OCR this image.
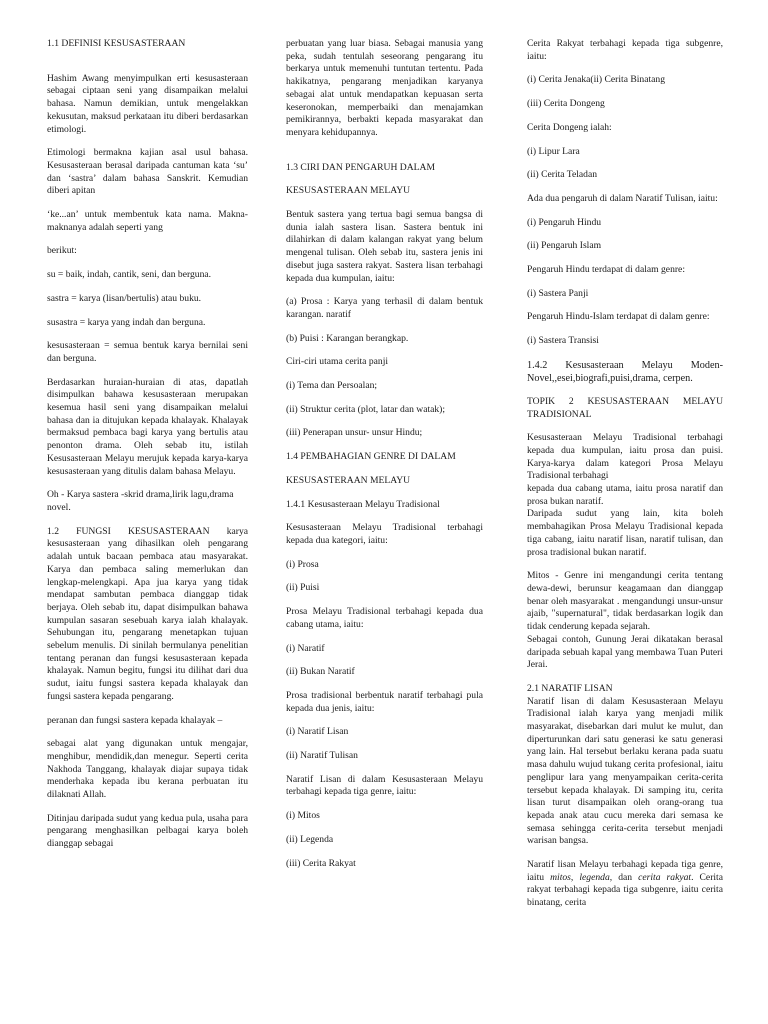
1.1 DEFINISI KESUSASTERAAN

Hashim Awang menyimpulkan erti kesusasteraan sebagai ciptaan seni yang disampaikan melalui bahasa. Namun demikian, untuk mengelakkan kekusutan, maksud perkataan itu diberi berdasarkan etimologi.

Etimologi bermakna kajian asal usul bahasa. Kesusasteraan berasal daripada cantuman kata ‘su’ dan ‘sastra’ dalam bahasa Sanskrit. Kemudian diberi apitan

‘ke...an’ untuk membentuk kata nama. Makna-maknanya adalah seperti yang

berikut:

su = baik, indah, cantik, seni, dan berguna.

sastra = karya (lisan/bertulis) atau buku.

susastra = karya yang indah dan berguna.

kesusasteraan = semua bentuk karya bernilai seni dan berguna.

Berdasarkan huraian-huraian di atas, dapatlah disimpulkan bahawa kesusasteraan merupakan kesemua hasil seni yang disampaikan melalui bahasa dan ia ditujukan kepada khalayak. Khalayak bermaksud pembaca bagi karya yang bertulis atau penonton drama. Oleh sebab itu, istilah Kesusasteraan Melayu merujuk kepada karya-karya kesusasteraan yang ditulis dalam bahasa Melayu.

Oh - Karya sastera -skrid drama,lirik lagu,drama novel.

1.2 FUNGSI KESUSASTERAAN karya kesusasteraan yang dihasilkan oleh pengarang adalah untuk bacaan pembaca atau masyarakat. Karya dan pembaca saling memerlukan dan lengkap-melengkapi. Apa jua karya yang tidak mendapat sambutan pembaca dianggap tidak berjaya. Oleh sebab itu, dapat disimpulkan bahawa kumpulan sasaran sesebuah karya ialah khalayak. Sehubungan itu, pengarang menetapkan tujuan sebelum menulis. Di sinilah bermulanya penelitian tentang peranan dan fungsi kesusasteraan kepada khalayak. Namun begitu, fungsi itu dilihat dari dua sudut, iaitu fungsi sastera kepada khalayak dan fungsi sastera kepada pengarang.

peranan dan fungsi sastera kepada khalayak –

sebagai alat yang digunakan untuk mengajar, menghibur, mendidik,dan menegur. Seperti cerita Nakhoda Tanggang, khalayak diajar supaya tidak menderhaka kepada ibu kerana perbuatan itu dilaknati Allah.

Ditinjau daripada sudut yang kedua pula, usaha para pengarang menghasilkan pelbagai karya boleh dianggap sebagai

perbuatan yang luar biasa. Sebagai manusia yang peka, sudah tentulah seseorang pengarang itu berkarya untuk memenuhi tuntutan tertentu. Pada hakikatnya, pengarang menjadikan karyanya sebagai alat untuk mendapatkan kepuasan serta keseronokan, memperbaiki dan menajamkan pemikirannya, berbakti kepada masyarakat dan menyara kehidupannya.

1.3 CIRI DAN PENGARUH DALAM

KESUSASTERAAN MELAYU

Bentuk sastera yang tertua bagi semua bangsa di dunia ialah sastera lisan. Sastera bentuk ini dilahirkan di dalam kalangan rakyat yang belum mengenal tulisan. Oleh sebab itu, sastera jenis ini disebut juga sastera rakyat. Sastera lisan terbahagi kepada dua kumpulan, iaitu:

(a) Prosa : Karya yang terhasil di dalam bentuk karangan. naratif

(b) Puisi : Karangan berangkap.

Ciri-ciri utama cerita panji

(i) Tema dan Persoalan;

(ii) Struktur cerita (plot, latar dan watak);

(iii) Penerapan unsur- unsur Hindu;

1.4 PEMBAHAGIAN GENRE DI DALAM

KESUSASTERAAN MELAYU

1.4.1 Kesusasteraan Melayu Tradisional

Kesusasteraan Melayu Tradisional terbahagi kepada dua kategori, iaitu:

(i) Prosa

(ii) Puisi

Prosa Melayu Tradisional terbahagi kepada dua cabang utama, iaitu:

(i) Naratif

(ii) Bukan Naratif

Prosa tradisional berbentuk naratif terbahagi pula kepada dua jenis, iaitu:

(i) Naratif Lisan

(ii) Naratif Tulisan

Naratif Lisan di dalam Kesusasteraan Melayu terbahagi kepada tiga genre, iaitu:

(i) Mitos

(ii) Legenda

(iii) Cerita Rakyat

Cerita Rakyat terbahagi kepada tiga subgenre, iaitu:

(i) Cerita Jenaka(ii) Cerita Binatang

(iii) Cerita Dongeng

Cerita Dongeng ialah:

(i) Lipur Lara

(ii) Cerita Teladan

Ada dua pengaruh di dalam Naratif Tulisan, iaitu:

(i) Pengaruh Hindu

(ii) Pengaruh Islam

Pengaruh Hindu terdapat di dalam genre:

(i) Sastera Panji

Pengaruh Hindu-Islam terdapat di dalam genre:

(i) Sastera Transisi

1.4.2 Kesusasteraan Melayu Moden-Novel,,esei,biografi,puisi,drama, cerpen.

TOPIK 2 KESUSASTERAAN MELAYU TRADISIONAL

Kesusasteraan Melayu Tradisional terbahagi kepada dua kumpulan, iaitu prosa dan puisi. Karya-karya dalam kategori Prosa Melayu Tradisional terbahagi

kepada dua cabang utama, iaitu prosa naratif dan prosa bukan naratif.

Daripada sudut yang lain, kita boleh membahagikan Prosa Melayu Tradisional kepada tiga cabang, iaitu naratif lisan, naratif tulisan, dan prosa tradisional bukan naratif.

Mitos - Genre ini mengandungi cerita tentang dewa-dewi, berunsur keagamaan dan dianggap benar oleh masyarakat . mengandungi unsur-unsur ajaib, "supernatural", tidak berdasarkan logik dan tidak cenderung kepada sejarah.

Sebagai contoh, Gunung Jerai dikatakan berasal daripada sebuah kapal yang membawa Tuan Puteri Jerai.

2.1 NARATIF LISAN

Naratif lisan di dalam Kesusasteraan Melayu Tradisional ialah karya yang menjadi milik masyarakat, disebarkan dari mulut ke mulut, dan diperturunkan dari satu generasi ke satu generasi yang lain. Hal tersebut berlaku kerana pada suatu masa dahulu wujud tukang cerita profesional, iaitu penglipur lara yang menyampaikan cerita-cerita tersebut kepada khalayak. Di samping itu, cerita lisan turut disampaikan oleh orang-orang tua kepada anak atau cucu mereka dari semasa ke semasa sehingga cerita-cerita tersebut menjadi warisan bangsa.

Naratif lisan Melayu terbahagi kepada tiga genre, iaitu mitos, legenda, dan cerita rakyat. Cerita rakyat terbahagi kepada tiga subgenre, iaitu cerita binatang, cerita
